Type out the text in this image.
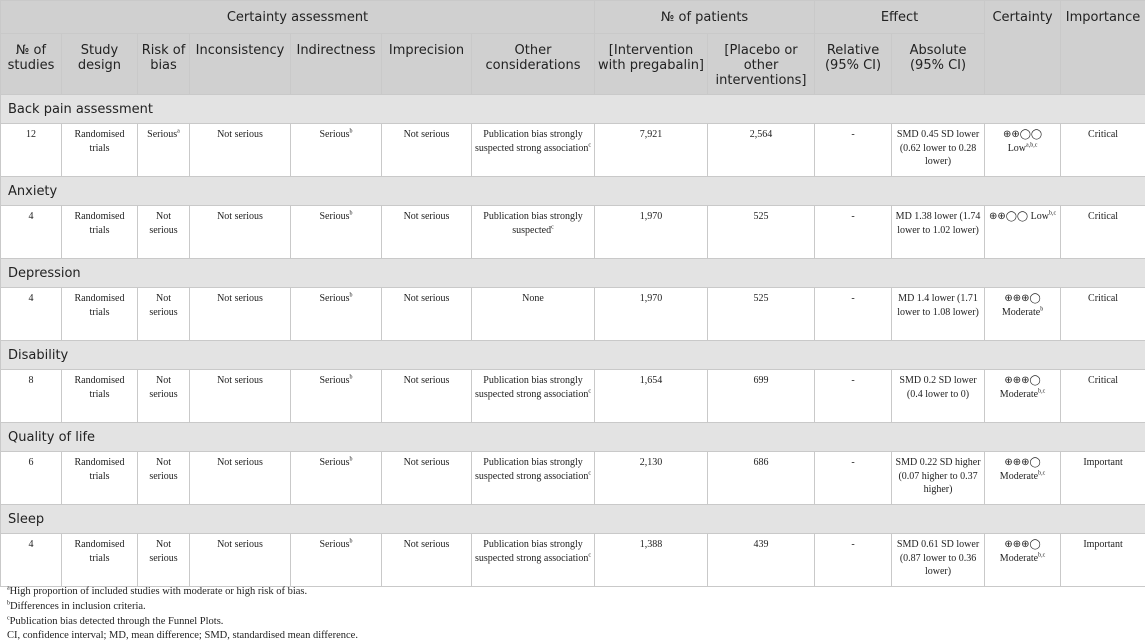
Certainty assessment							№ of patients		Effect		Certainty	Importance
№ of studies	Study design	Risk of bias	Inconsistency	Indirectness	Imprecision	Other considerations	[Intervention with pregabalin]	[Placebo or other interventions]	Relative (95% CI)	Absolute (95% CI)		
Back pain assessment												
12	Randomised trials	Serious$^a$	Not serious	Serious$^b$	Not serious	Publication bias strongly suspected strong association$^c$	7,921	2,564	-	SMD 0.45 SD lower (0.62 lower to 0.28 lower)	⊕⊕◯◯ Low$^{a,b,c}$	Critical
Anxiety												
4	Randomised trials	Not serious	Not serious	Serious$^b$	Not serious	Publication bias strongly suspected$^c$	1,970	525	-	MD 1.38 lower (1.74 lower to 1.02 lower)	⊕⊕◯◯ Low$^{b,c}$	Critical
Depression												
4	Randomised trials	Not serious	Not serious	Serious$^b$	Not serious	None	1,970	525	-	MD 1.4 lower (1.71 lower to 1.08 lower)	⊕⊕⊕◯ Moderate$^b$	Critical
Disability												
8	Randomised trials	Not serious	Not serious	Serious$^b$	Not serious	Publication bias strongly suspected strong association$^c$	1,654	699	-	SMD 0.2 SD lower (0.4 lower to 0)	⊕⊕⊕◯ Moderate$^{b,c}$	Critical
Quality of life												
6	Randomised trials	Not serious	Not serious	Serious$^b$	Not serious	Publication bias strongly suspected strong association$^c$	2,130	686	-	SMD 0.22 SD higher (0.07 higher to 0.37 higher)	⊕⊕⊕◯ Moderate$^{b,c}$	Important
Sleep												
4	Randomised trials	Not serious	Not serious	Serious$^b$	Not serious	Publication bias strongly suspected strong association$^c$	1,388	439	-	SMD 0.61 SD lower (0.87 lower to 0.36 lower)	⊕⊕⊕◯ Moderate$^{b,c}$	Important
$^a$High proportion of included studies with moderate or high risk of bias.
$^b$Differences in inclusion criteria.
$^c$Publication bias detected through the Funnel Plots.
CI, confidence interval; MD, mean difference; SMD, standardised mean difference.
